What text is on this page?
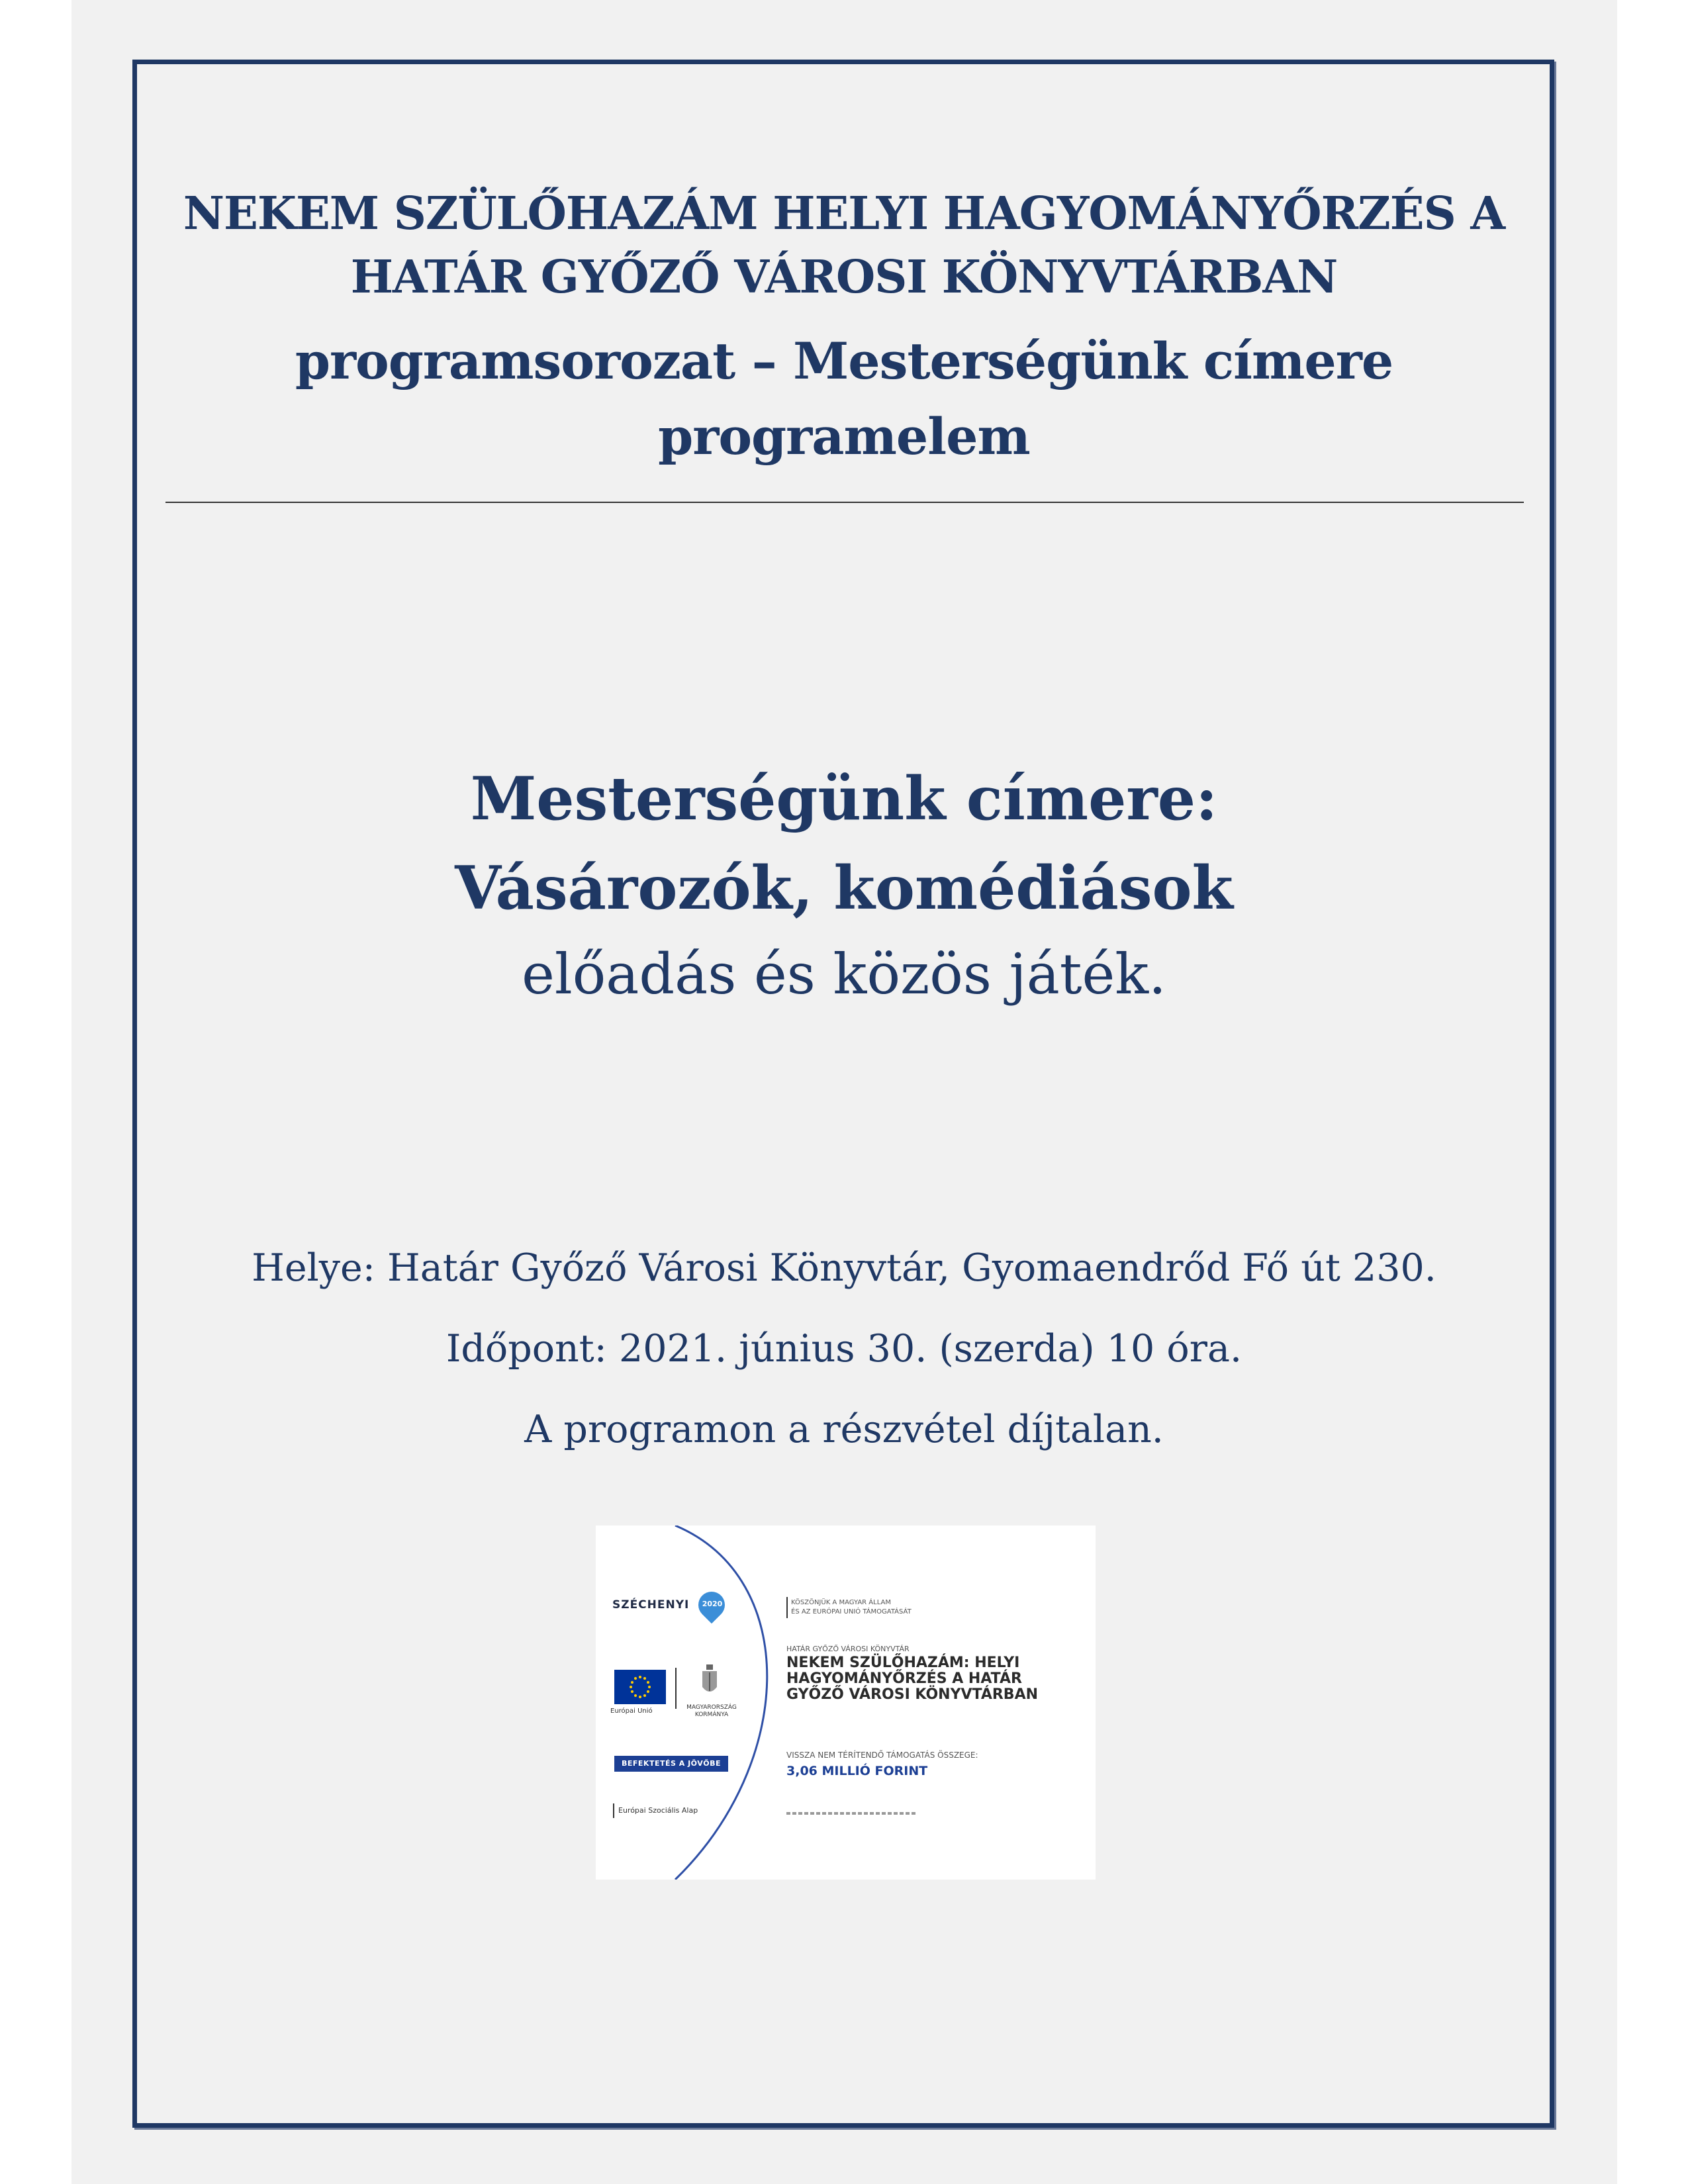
NEKEM SZÜLŐHAZÁM HELYI HAGYOMÁNYŐRZÉS A
HATÁR GYŐZŐ VÁROSI KÖNYVTÁRBAN
programsorozat – Mesterségünk címere
programelem
Mesterségünk címere:
Vásározók, komédiások
előadás és közös játék.
Helye: Határ Győző Városi Könyvtár, Gyomaendrőd Fő út 230.
Időpont: 2021. június 30. (szerda) 10 óra.
A programon a részvétel díjtalan.
SZÉCHENYI	2020
Európai Unió	MAGYARORSZÁG
KORMÁNYA
BEFEKTETÉS A JÖVŐBE
Európai Szociális Alap
KÖSZÖNJÜK A MAGYAR ÁLLAM
ÉS AZ EURÓPAI UNIÓ TÁMOGATÁSÁT
HATÁR GYŐZŐ VÁROSI KÖNYVTÁR
NEKEM SZÜLŐHAZÁM: HELYI
HAGYOMÁNYŐRZÉS A HATÁR
GYŐZŐ VÁROSI KÖNYVTÁRBAN
VISSZA NEM TÉRÍTENDŐ TÁMOGATÁS ÖSSZEGE:
3,06 MILLIÓ FORINT
